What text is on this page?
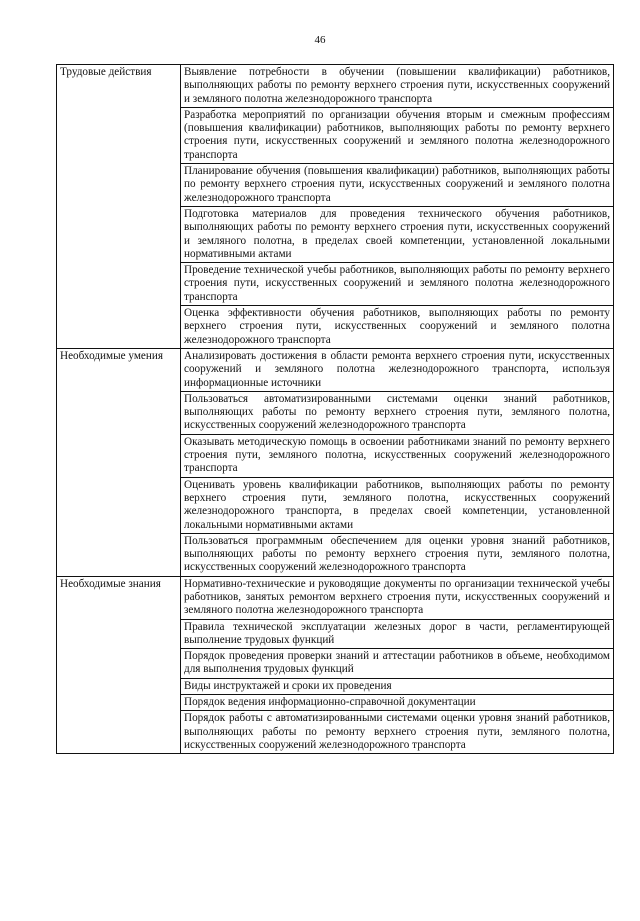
46
Трудовые действия	Выявление потребности в обучении (повышении квалификации) работников, выполняющих работы по ремонту верхнего строения пути, искусственных сооружений и земляного полотна железнодорожного транспорта
	Разработка мероприятий по организации обучения вторым и смежным профессиям (повышения квалификации) работников, выполняющих работы по ремонту верхнего строения пути, искусственных сооружений и земляного полотна железнодорожного транспорта
	Планирование обучения (повышения квалификации) работников, выполняющих работы по ремонту верхнего строения пути, искусственных сооружений и земляного полотна железнодорожного транспорта
	Подготовка материалов для проведения технического обучения работников, выполняющих работы по ремонту верхнего строения пути, искусственных сооружений и земляного полотна, в пределах своей компетенции, установленной локальными нормативными актами
	Проведение технической учебы работников, выполняющих работы по ремонту верхнего строения пути, искусственных сооружений и земляного полотна железнодорожного транспорта
	Оценка эффективности обучения работников, выполняющих работы по ремонту верхнего строения пути, искусственных сооружений и земляного полотна железнодорожного транспорта
Необходимые умения	Анализировать достижения в области ремонта верхнего строения пути, искусственных сооружений и земляного полотна железнодорожного транспорта, используя информационные источники
	Пользоваться автоматизированными системами оценки знаний работников, выполняющих работы по ремонту верхнего строения пути, земляного полотна, искусственных сооружений железнодорожного транспорта
	Оказывать методическую помощь в освоении работниками знаний по ремонту верхнего строения пути, земляного полотна, искусственных сооружений железнодорожного транспорта
	Оценивать уровень квалификации работников, выполняющих работы по ремонту верхнего строения пути, земляного полотна, искусственных сооружений железнодорожного транспорта, в пределах своей компетенции, установленной локальными нормативными актами
	Пользоваться программным обеспечением для оценки уровня знаний работников, выполняющих работы по ремонту верхнего строения пути, земляного полотна, искусственных сооружений железнодорожного транспорта
Необходимые знания	Нормативно-технические и руководящие документы по организации технической учебы работников, занятых ремонтом верхнего строения пути, искусственных сооружений и земляного полотна железнодорожного транспорта
	Правила технической эксплуатации железных дорог в части, регламентирующей выполнение трудовых функций
	Порядок проведения проверки знаний и аттестации работников в объеме, необходимом для выполнения трудовых функций
	Виды инструктажей и сроки их проведения
	Порядок ведения информационно-справочной документации
	Порядок работы с автоматизированными системами оценки уровня знаний работников, выполняющих работы по ремонту верхнего строения пути, земляного полотна, искусственных сооружений железнодорожного транспорта
